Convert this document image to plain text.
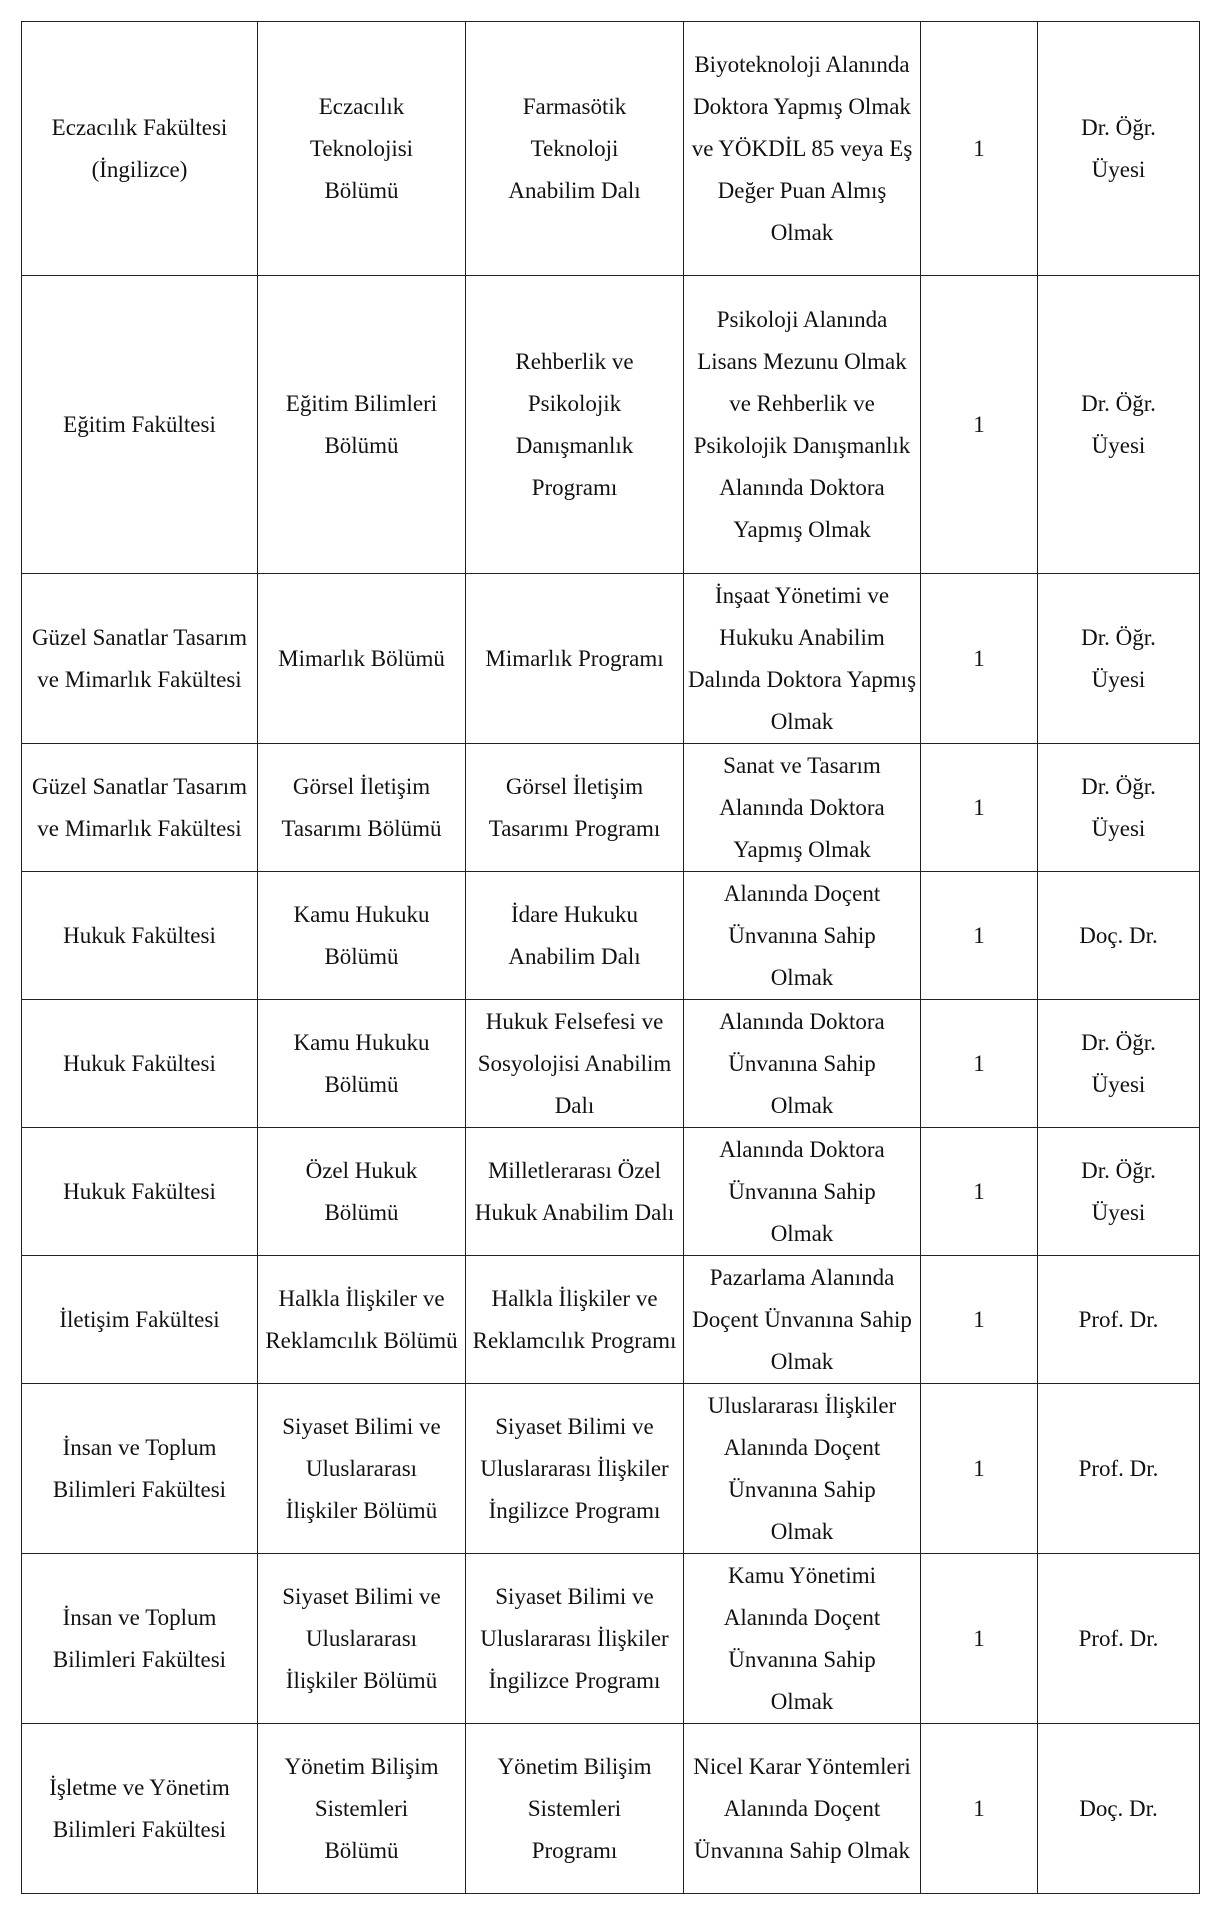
Eczacılık Fakültesi (İngilizce)	Eczacılık Teknolojisi Bölümü	Farmasötik Teknoloji Anabilim Dalı	Biyoteknoloji Alanında Doktora Yapmış Olmak ve YÖKDİL 85 veya Eş Değer Puan Almış Olmak	1	Dr. Öğr. Üyesi
Eğitim Fakültesi	Eğitim Bilimleri Bölümü	Rehberlik ve Psikolojik Danışmanlık Programı	Psikoloji Alanında Lisans Mezunu Olmak ve Rehberlik ve Psikolojik Danışmanlık Alanında Doktora Yapmış Olmak	1	Dr. Öğr. Üyesi
Güzel Sanatlar Tasarım ve Mimarlık Fakültesi	Mimarlık Bölümü	Mimarlık Programı	İnşaat Yönetimi ve Hukuku Anabilim Dalında Doktora Yapmış Olmak	1	Dr. Öğr. Üyesi
Güzel Sanatlar Tasarım ve Mimarlık Fakültesi	Görsel İletişim Tasarımı Bölümü	Görsel İletişim Tasarımı Programı	Sanat ve Tasarım Alanında Doktora Yapmış Olmak	1	Dr. Öğr. Üyesi
Hukuk Fakültesi	Kamu Hukuku Bölümü	İdare Hukuku Anabilim Dalı	Alanında Doçent Ünvanına Sahip Olmak	1	Doç. Dr.
Hukuk Fakültesi	Kamu Hukuku Bölümü	Hukuk Felsefesi ve Sosyolojisi Anabilim Dalı	Alanında Doktora Ünvanına Sahip Olmak	1	Dr. Öğr. Üyesi
Hukuk Fakültesi	Özel Hukuk Bölümü	Milletlerarası Özel Hukuk Anabilim Dalı	Alanında Doktora Ünvanına Sahip Olmak	1	Dr. Öğr. Üyesi
İletişim Fakültesi	Halkla İlişkiler ve Reklamcılık Bölümü	Halkla İlişkiler ve Reklamcılık Programı	Pazarlama Alanında Doçent Ünvanına Sahip Olmak	1	Prof. Dr.
İnsan ve Toplum Bilimleri Fakültesi	Siyaset Bilimi ve Uluslararası İlişkiler Bölümü	Siyaset Bilimi ve Uluslararası İlişkiler İngilizce Programı	Uluslararası İlişkiler Alanında Doçent Ünvanına Sahip Olmak	1	Prof. Dr.
İnsan ve Toplum Bilimleri Fakültesi	Siyaset Bilimi ve Uluslararası İlişkiler Bölümü	Siyaset Bilimi ve Uluslararası İlişkiler İngilizce Programı	Kamu Yönetimi Alanında Doçent Ünvanına Sahip Olmak	1	Prof. Dr.
İşletme ve Yönetim Bilimleri Fakültesi	Yönetim Bilişim Sistemleri Bölümü	Yönetim Bilişim Sistemleri Programı	Nicel Karar Yöntemleri Alanında Doçent Ünvanına Sahip Olmak	1	Doç. Dr.
